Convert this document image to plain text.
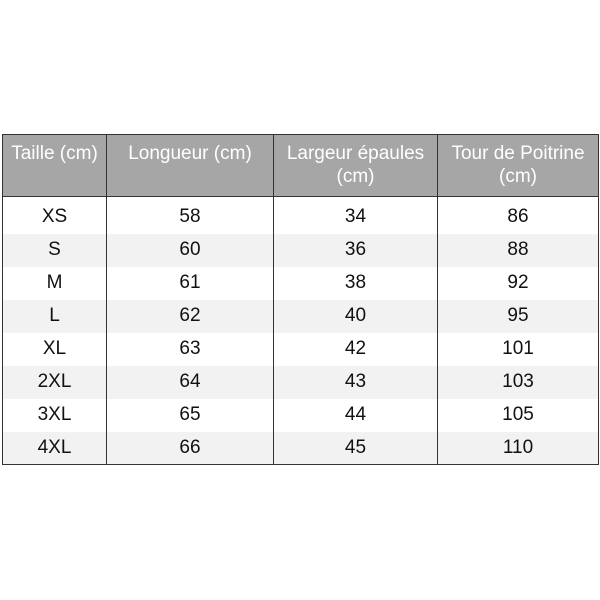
Taille (cm)	Longueur (cm)	Largeur épaules (cm)	Tour de Poitrine (cm)
XS	58	34	86
S	60	36	88
M	61	38	92
L	62	40	95
XL	63	42	101
2XL	64	43	103
3XL	65	44	105
4XL	66	45	110
